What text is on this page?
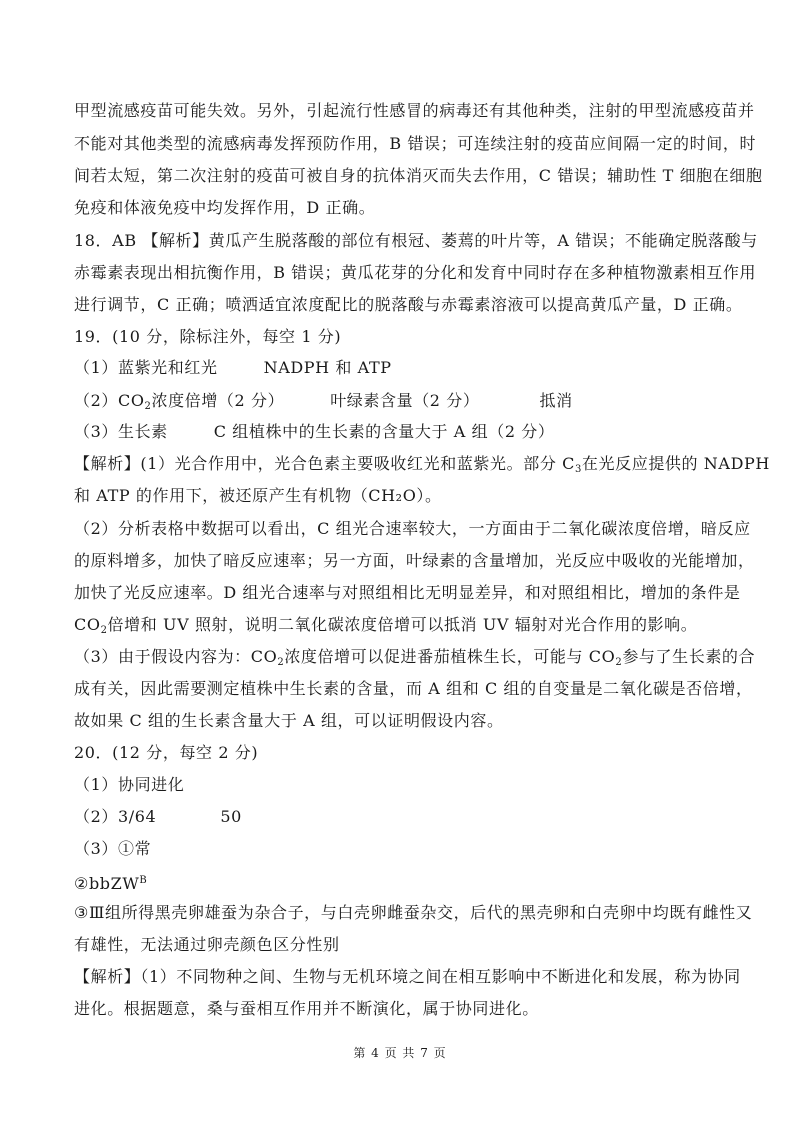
甲型流感疫苗可能失效。另外，引起流行性感冒的病毒还有其他种类，注射的甲型流感疫苗并
不能对其他类型的流感病毒发挥预防作用，B 错误；可连续注射的疫苗应间隔一定的时间，时
间若太短，第二次注射的疫苗可被自身的抗体消灭而失去作用，C 错误；辅助性 T 细胞在细胞
免疫和体液免疫中均发挥作用，D 正确。
18．AB 【解析】黄瓜产生脱落酸的部位有根冠、萎蔫的叶片等，A 错误；不能确定脱落酸与
赤霉素表现出相抗衡作用，B 错误；黄瓜花芽的分化和发育中同时存在多种植物激素相互作用
进行调节，C 正确；喷洒适宜浓度配比的脱落酸与赤霉素溶液可以提高黄瓜产量，D 正确。
19．(10 分，除标注外，每空 1 分)
（1）蓝紫光和红光	NADPH 和 ATP
$(2)CO_2$浓度倍增（2 分）	叶绿素含量（2 分）	抵消
（3）生长素	C 组植株中的生长素的含量大于 A 组（2 分）
【解析】(1）光合作用中，光合色素主要吸收红光和蓝紫光。部分 $C_3$在光反应提供的 NADPH
和 ATP 的作用下，被还原产生有机物（CH₂O）。
（2）分析表格中数据可以看出，C 组光合速率较大，一方面由于二氧化碳浓度倍增，暗反应
的原料增多，加快了暗反应速率；另一方面，叶绿素的含量增加，光反应中吸收的光能增加，
加快了光反应速率。D 组光合速率与对照组相比无明显差异，和对照组相比，增加的条件是
$CO_2$倍增和 UV 照射，说明二氧化碳浓度倍增可以抵消 UV 辐射对光合作用的影响。
（3）由于假设内容为：$CO_2$浓度倍增可以促进番茄植株生长，可能与 $CO_2$参与了生长素的合
成有关，因此需要测定植株中生长素的含量，而 A 组和 C 组的自变量是二氧化碳是否倍增，
故如果 C 组的生长素含量大于 A 组，可以证明假设内容。
20．(12 分，每空 2 分)
（1）协同进化
（2）3/64	50
（3）①常
②bbZW$^B$
③Ⅲ组所得黑壳卵雄蚕为杂合子，与白壳卵雌蚕杂交，后代的黑壳卵和白壳卵中均既有雌性又
有雄性，无法通过卵壳颜色区分性别
【解析】（1）不同物种之间、生物与无机环境之间在相互影响中不断进化和发展，称为协同
进化。根据题意，桑与蚕相互作用并不断演化，属于协同进化。
第 4 页 共 7 页
